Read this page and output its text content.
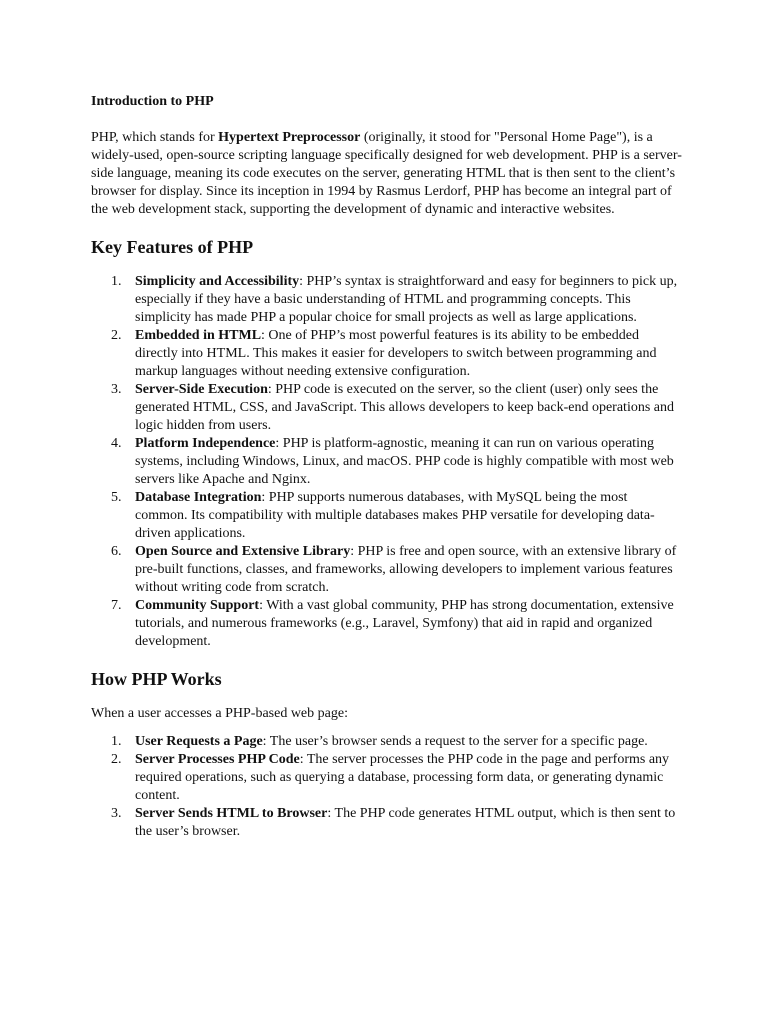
Introduction to PHP

PHP, which stands for Hypertext Preprocessor (originally, it stood for "Personal Home Page"), is a widely-used, open-source scripting language specifically designed for web development. PHP is a server-side language, meaning its code executes on the server, generating HTML that is then sent to the client’s browser for display. Since its inception in 1994 by Rasmus Lerdorf, PHP has become an integral part of the web development stack, supporting the development of dynamic and interactive websites.

Key Features of PHP
1. Simplicity and Accessibility: PHP’s syntax is straightforward and easy for beginners to pick up, especially if they have a basic understanding of HTML and programming concepts. This simplicity has made PHP a popular choice for small projects as well as large applications.
2. Embedded in HTML: One of PHP’s most powerful features is its ability to be embedded directly into HTML. This makes it easier for developers to switch between programming and markup languages without needing extensive configuration.
3. Server-Side Execution: PHP code is executed on the server, so the client (user) only sees the generated HTML, CSS, and JavaScript. This allows developers to keep back-end operations and logic hidden from users.
4. Platform Independence: PHP is platform-agnostic, meaning it can run on various operating systems, including Windows, Linux, and macOS. PHP code is highly compatible with most web servers like Apache and Nginx.
5. Database Integration: PHP supports numerous databases, with MySQL being the most common. Its compatibility with multiple databases makes PHP versatile for developing data-driven applications.
6. Open Source and Extensive Library: PHP is free and open source, with an extensive library of pre-built functions, classes, and frameworks, allowing developers to implement various features without writing code from scratch.
7. Community Support: With a vast global community, PHP has strong documentation, extensive tutorials, and numerous frameworks (e.g., Laravel, Symfony) that aid in rapid and organized development.
How PHP Works

When a user accesses a PHP-based web page:

1. User Requests a Page: The user’s browser sends a request to the server for a specific page.
2. Server Processes PHP Code: The server processes the PHP code in the page and performs any required operations, such as querying a database, processing form data, or generating dynamic content.
3. Server Sends HTML to Browser: The PHP code generates HTML output, which is then sent to the user’s browser.
